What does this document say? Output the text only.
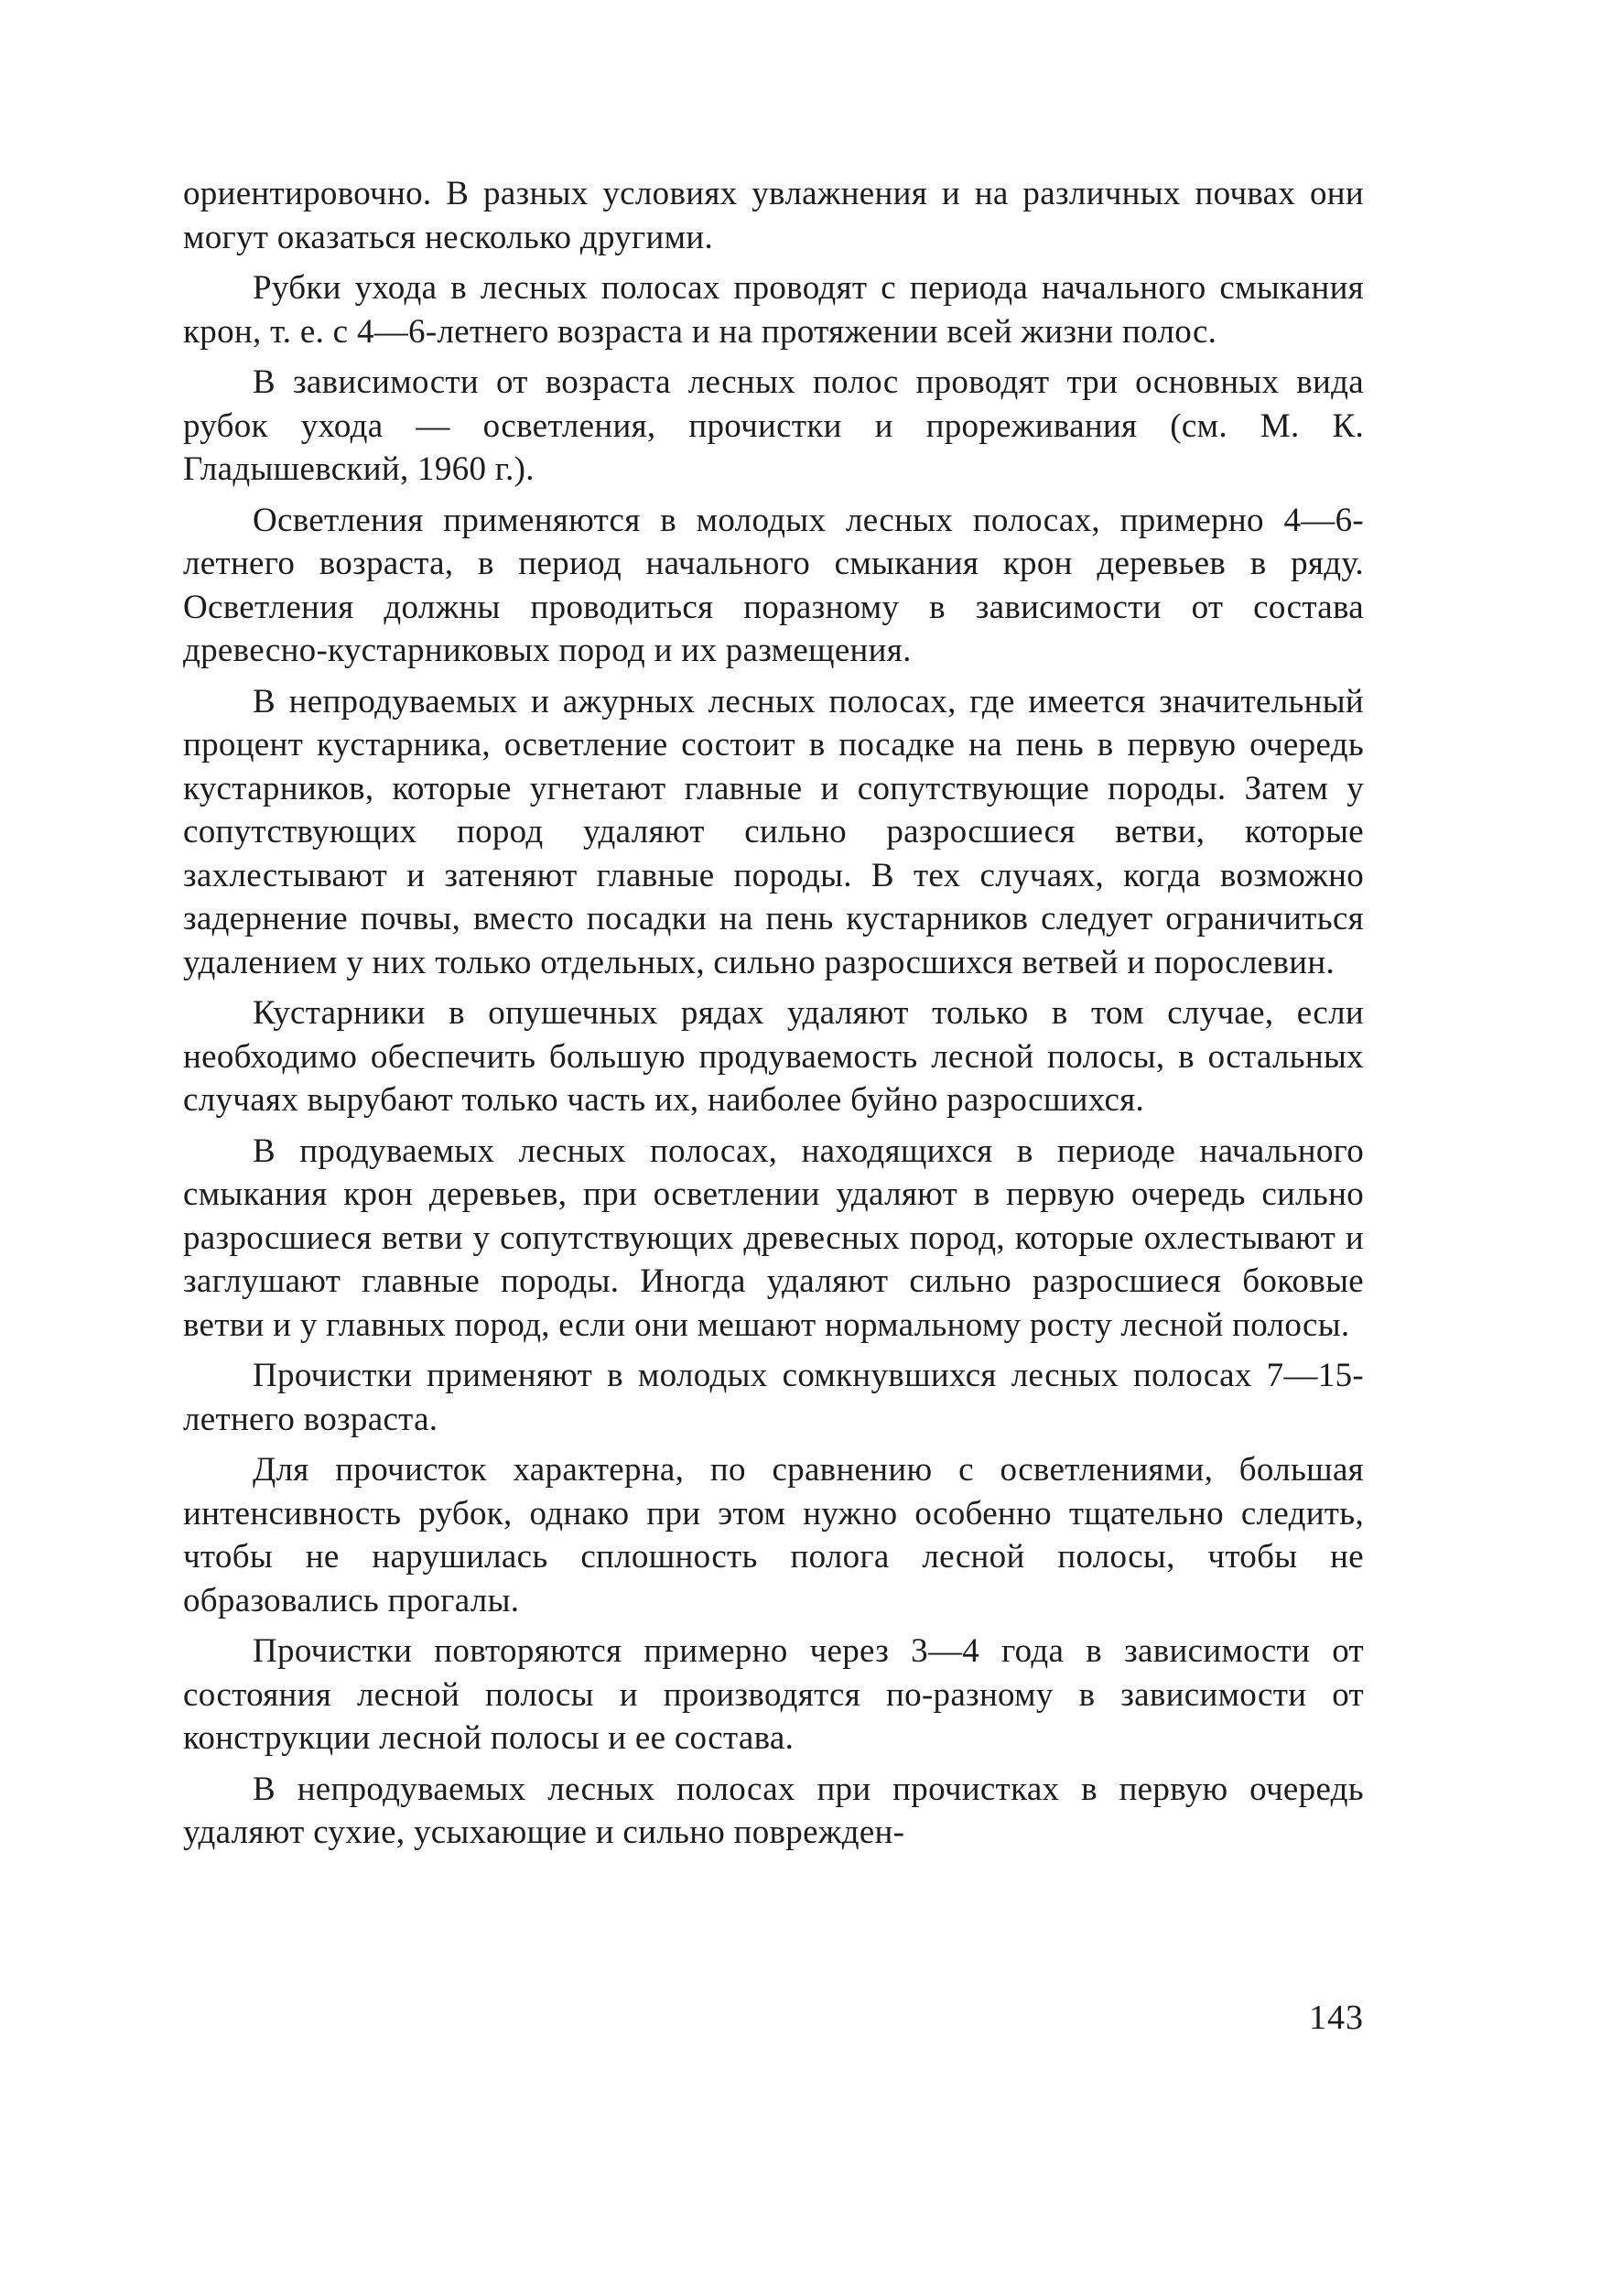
ориентировочно. В разных условиях увлажнения и на различных почвах они могут оказаться несколько другими.

Рубки ухода в лесных полосах проводят с периода начального смыкания крон, т. е. с 4—6-летнего возраста и на протяжении всей жизни полос.

В зависимости от возраста лесных полос проводят три основных вида рубок ухода — осветления, прочистки и прореживания (см. М. К. Гладышевский, 1960 г.).

Осветления применяются в молодых лесных полосах, примерно 4—6-летнего возраста, в период начального смыкания крон деревьев в ряду. Осветления должны проводиться поразному в зависимости от состава древесно-кустарниковых пород и их размещения.

В непродуваемых и ажурных лесных полосах, где имеется значительный процент кустарника, осветление состоит в посадке на пень в первую очередь кустарников, которые угнетают главные и сопутствующие породы. Затем у сопутствующих пород удаляют сильно разросшиеся ветви, которые захлестывают и затеняют главные породы. В тех случаях, когда возможно задернение почвы, вместо посадки на пень кустарников следует ограничиться удалением у них только отдельных, сильно разросшихся ветвей и порослевин.

Кустарники в опушечных рядах удаляют только в том случае, если необходимо обеспечить большую продуваемость лесной полосы, в остальных случаях вырубают только часть их, наиболее буйно разросшихся.

В продуваемых лесных полосах, находящихся в периоде начального смыкания крон деревьев, при осветлении удаляют в первую очередь сильно разросшиеся ветви у сопутствующих древесных пород, которые охлестывают и заглушают главные породы. Иногда удаляют сильно разросшиеся боковые ветви и у главных пород, если они мешают нормальному росту лесной полосы.

Прочистки применяют в молодых сомкнувшихся лесных полосах 7—15-летнего возраста.

Для прочисток характерна, по сравнению с осветлениями, большая интенсивность рубок, однако при этом нужно особенно тщательно следить, чтобы не нарушилась сплошность полога лесной полосы, чтобы не образовались прогалы.

Прочистки повторяются примерно через 3—4 года в зависимости от состояния лесной полосы и производятся по-разному в зависимости от конструкции лесной полосы и ее состава.

В непродуваемых лесных полосах при прочистках в первую очередь удаляют сухие, усыхающие и сильно поврежден-

143
